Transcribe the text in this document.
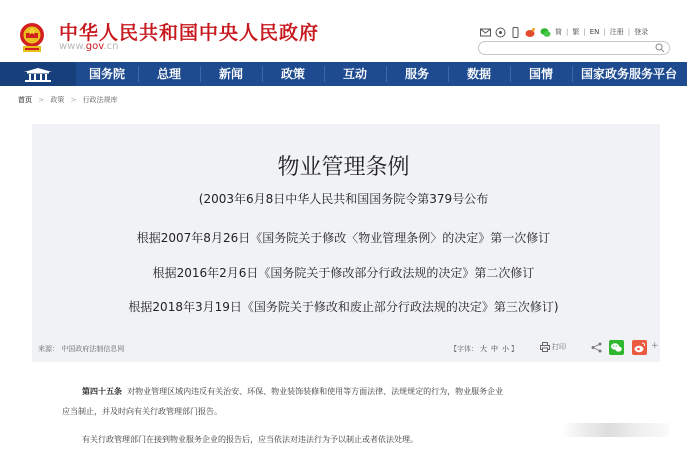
中华人民共和国中央人民政府
www.gov.cn
简 | 繁 | EN | 注册 | 登录
国务院	总理	新闻	政策	互动	服务	数据	国情	国家政务服务平台
首页 > 政策 > 行政法规库
物业管理条例
(2003年6月8日中华人民共和国国务院令第379号公布
根据2007年8月26日《国务院关于修改〈物业管理条例〉的决定》第一次修订
根据2016年2月6日《国务院关于修改部分行政法规的决定》第二次修订
根据2018年3月19日《国务院关于修改和废止部分行政法规的决定》第三次修订)
来源： 中国政府法制信息网	【字体： 大 中 小 】	打印	+
第四十五条 对物业管理区域内违反有关治安、环保、物业装饰装修和使用等方面法律、法规规定的行为，物业服务企业
应当制止，并及时向有关行政管理部门报告。
有关行政管理部门在接到物业服务企业的报告后，应当依法对违法行为予以制止或者依法处理。
